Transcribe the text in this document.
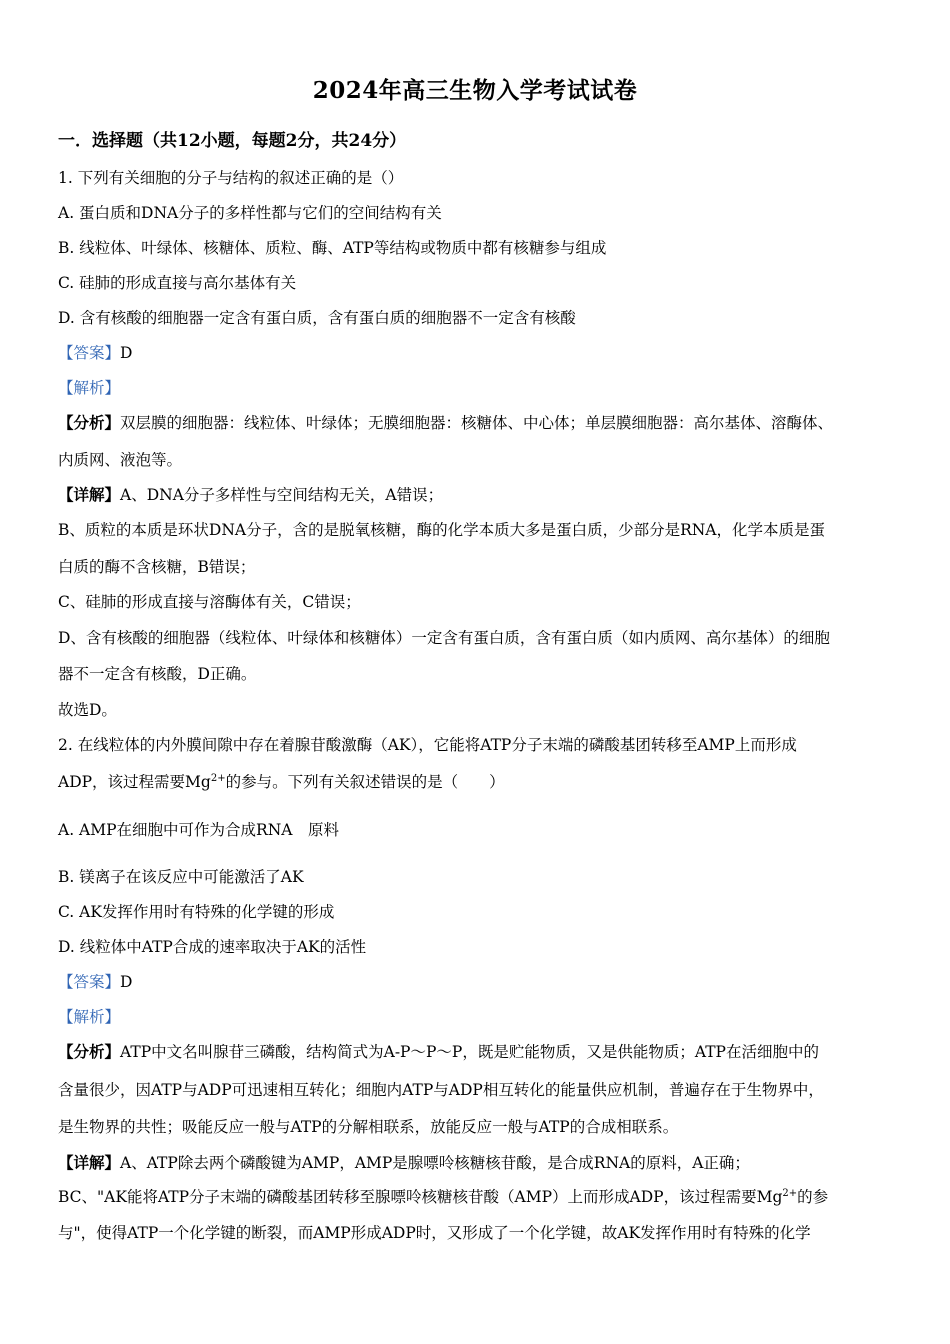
2024年高三生物入学考试试卷
一．选择题（共12小题，每题2分，共24分）
1. 下列有关细胞的分子与结构的叙述正确的是（）
A. 蛋白质和DNA分子的多样性都与它们的空间结构有关
B. 线粒体、叶绿体、核糖体、质粒、酶、ATP等结构或物质中都有核糖参与组成
C. 硅肺的形成直接与高尔基体有关
D. 含有核酸的细胞器一定含有蛋白质，含有蛋白质的细胞器不一定含有核酸
【答案】D
【解析】
【分析】双层膜的细胞器：线粒体、叶绿体；无膜细胞器：核糖体、中心体；单层膜细胞器：高尔基体、溶酶体、
内质网、液泡等。
【详解】A、DNA分子多样性与空间结构无关，A错误；
B、质粒的本质是环状DNA分子，含的是脱氧核糖，酶的化学本质大多是蛋白质，少部分是RNA，化学本质是蛋
白质的酶不含核糖，B错误；
C、硅肺的形成直接与溶酶体有关，C错误；
D、含有核酸的细胞器（线粒体、叶绿体和核糖体）一定含有蛋白质，含有蛋白质（如内质网、高尔基体）的细胞
器不一定含有核酸，D正确。
故选D。
2. 在线粒体的内外膜间隙中存在着腺苷酸激酶（AK），它能将ATP分子末端的磷酸基团转移至AMP上而形成
ADP，该过程需要$Mg^{2+}$的参与。下列有关叙述错误的是（　　）
A. AMP在细胞中可作为合成RNA　原料
B. 镁离子在该反应中可能激活了AK
C. AK发挥作用时有特殊的化学键的形成
D. 线粒体中ATP合成的速率取决于AK的活性
【答案】D
【解析】
【分析】ATP中文名叫腺苷三磷酸，结构简式为A-P～P～P，既是贮能物质，又是供能物质；ATP在活细胞中的
含量很少，因ATP与ADP可迅速相互转化；细胞内ATP与ADP相互转化的能量供应机制，普遍存在于生物界中，
是生物界的共性；吸能反应一般与ATP的分解相联系，放能反应一般与ATP的合成相联系。
【详解】A、ATP除去两个磷酸键为AMP，AMP是腺嘌呤核糖核苷酸，是合成RNA的原料，A正确；
BC、"AK能将ATP分子末端的磷酸基团转移至腺嘌呤核糖核苷酸（AMP）上而形成ADP，该过程需要$Mg^{2+}$的参
与"，使得ATP一个化学键的断裂，而AMP形成ADP时，又形成了一个化学键，故AK发挥作用时有特殊的化学
